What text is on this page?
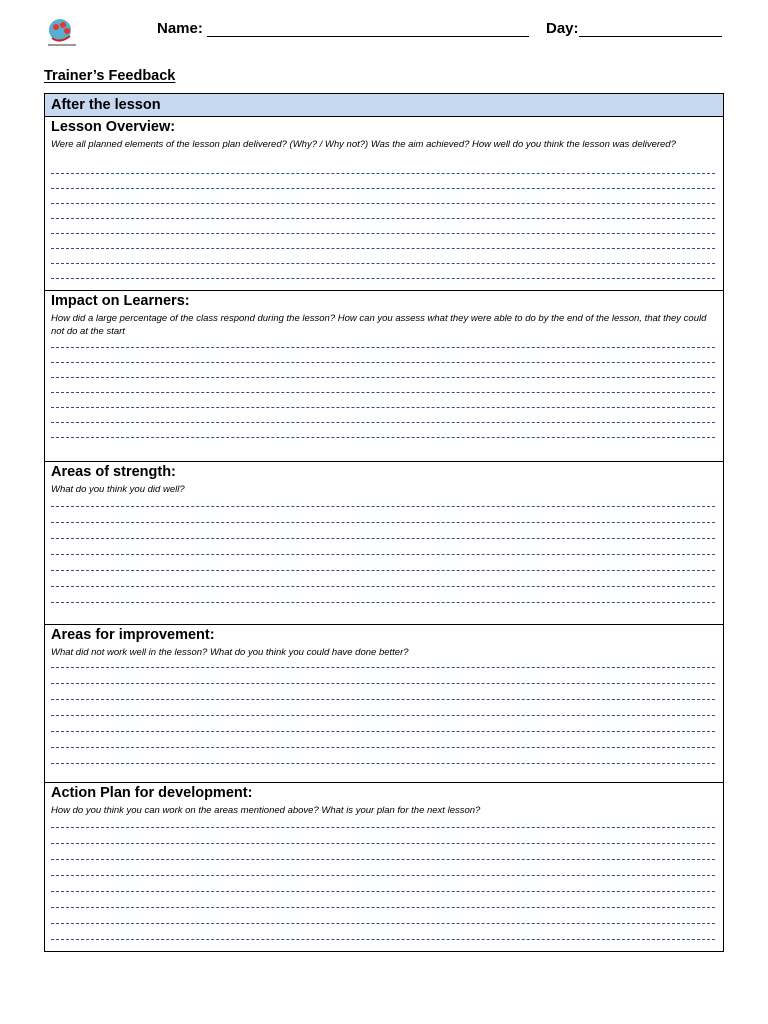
Name:	Day:
Trainer’s Feedback
After the lesson
Lesson Overview:
Were all planned elements of the lesson plan delivered? (Why? / Why not?) Was the aim achieved? How well do you think the lesson was delivered?
Impact on Learners:
How did a large percentage of the class respond during the lesson? How can you assess what they were able to do by the end of the lesson, that they could not do at the start
Areas of strength:
What do you think you did well?
Areas for improvement:
What did not work well in the lesson? What do you think you could have done better?
Action Plan for development:
How do you think you can work on the areas mentioned above? What is your plan for the next lesson?
